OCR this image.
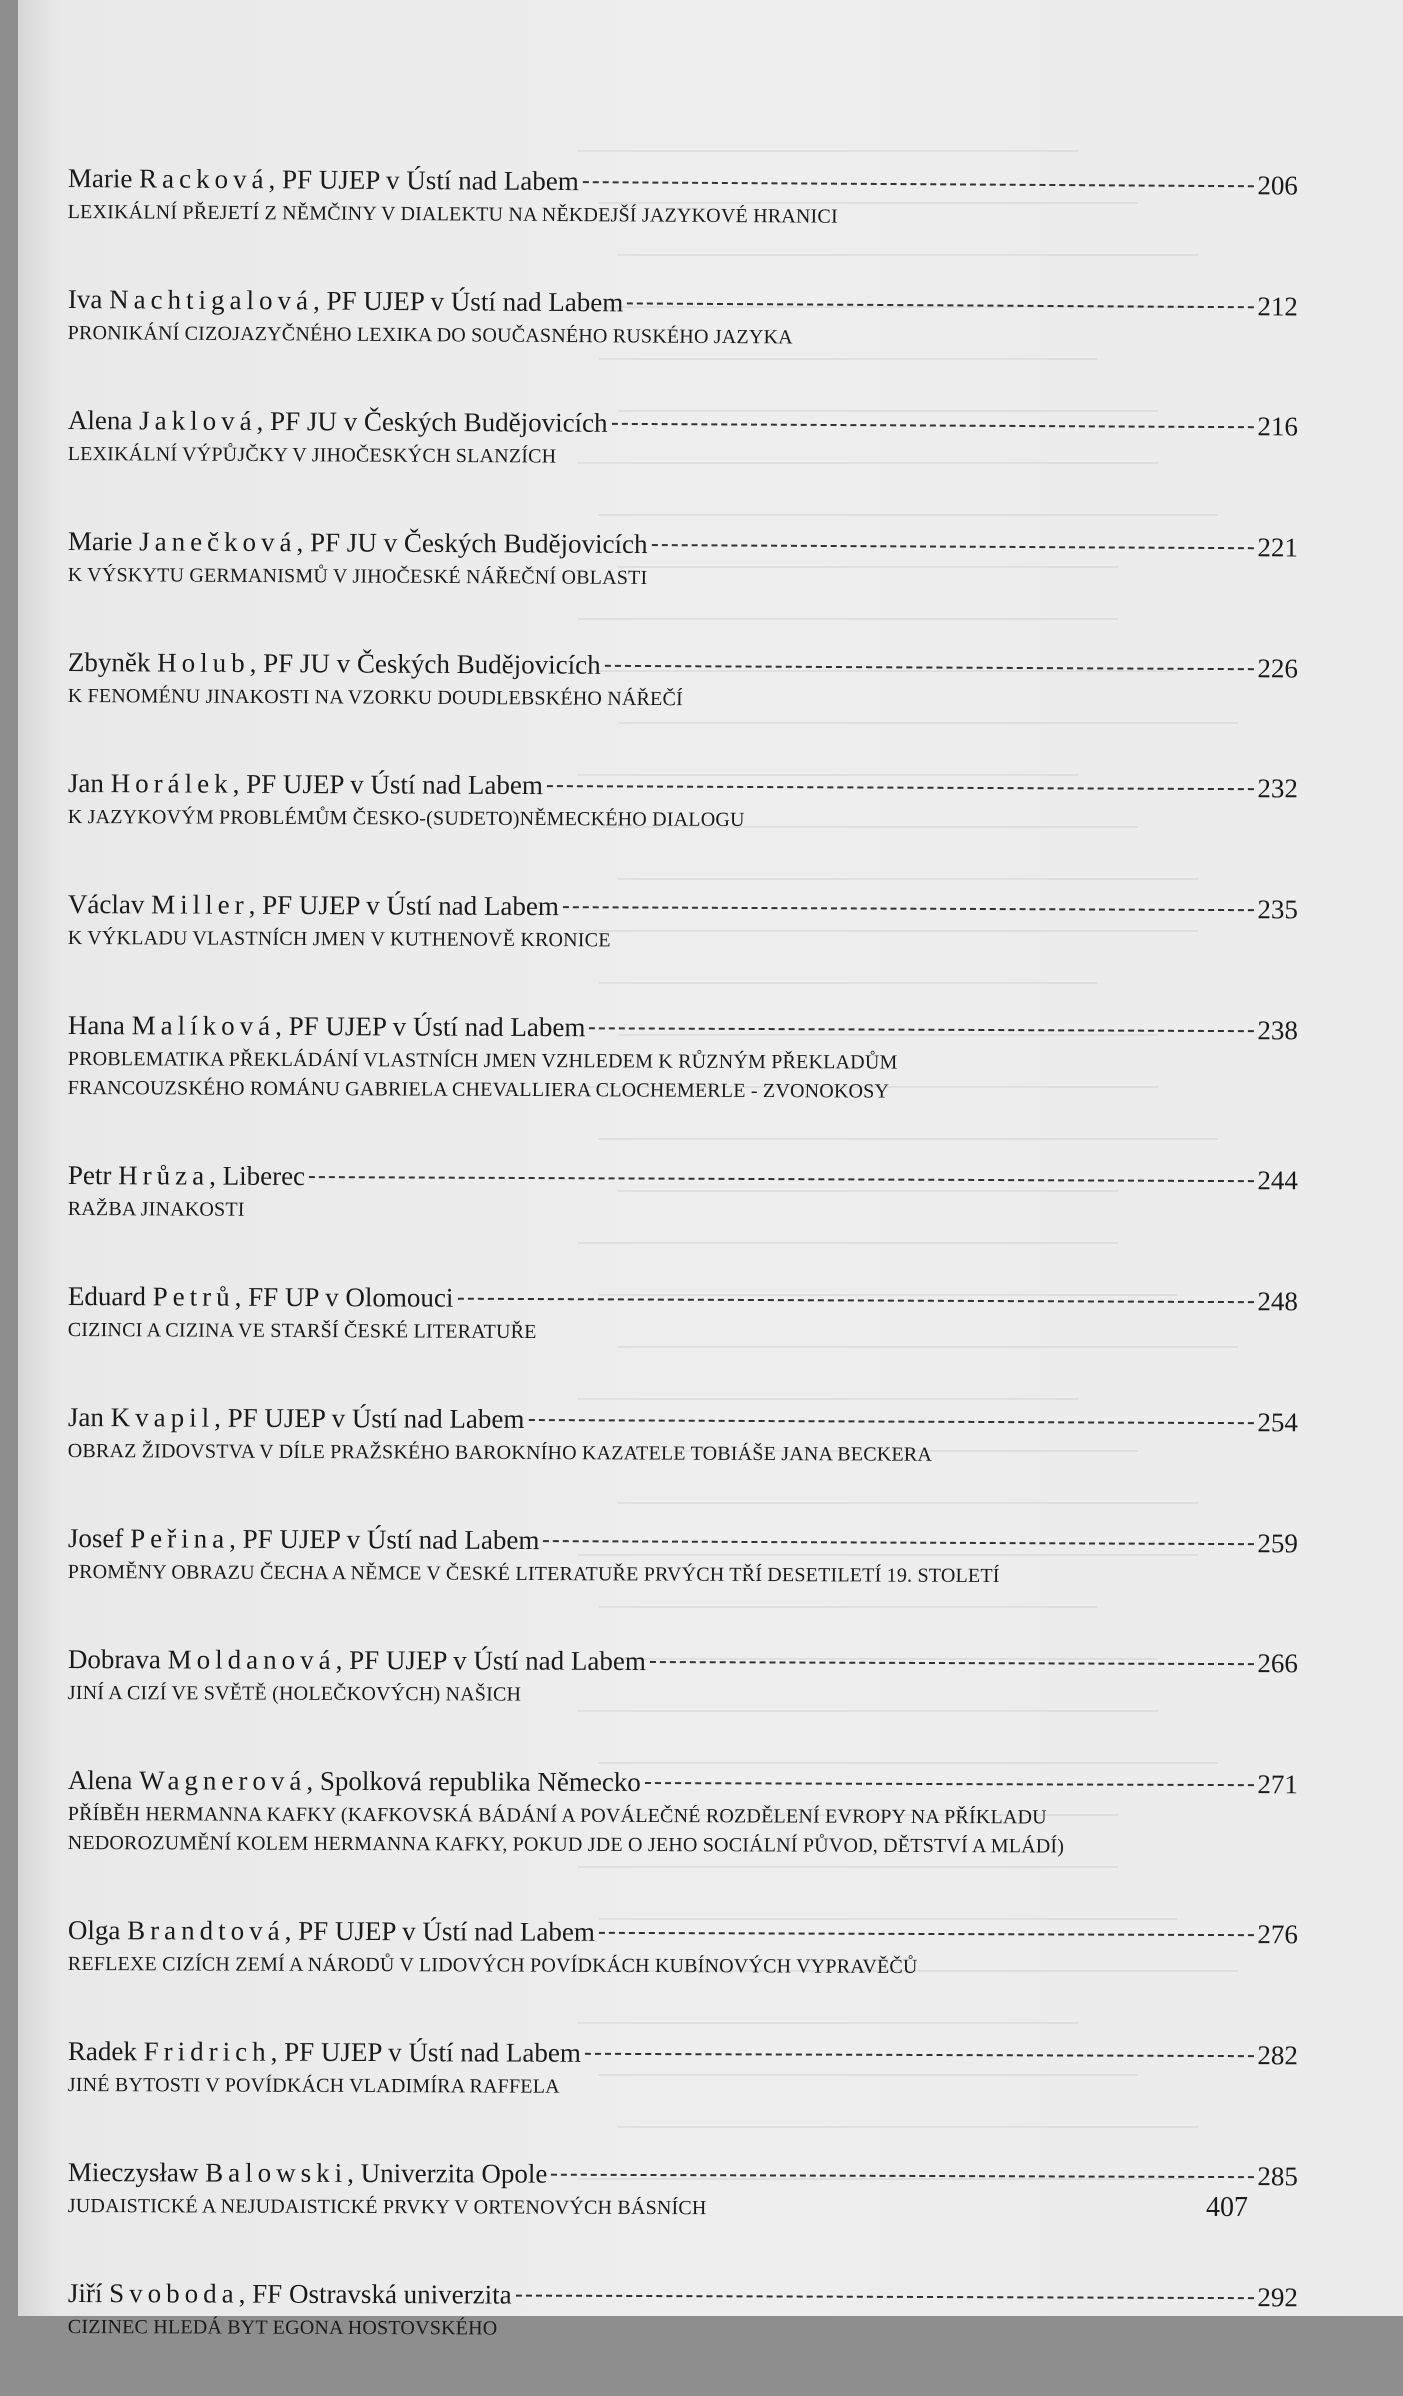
Marie Racková, PF UJEP v Ústí nad Labem	206
LEXIKÁLNÍ PŘEJETÍ Z NĚMČINY V DIALEKTU NA NĚKDEJŠÍ JAZYKOVÉ HRANICI
Iva Nachtigalová, PF UJEP v Ústí nad Labem	212
PRONIKÁNÍ CIZOJAZYČNÉHO LEXIKA DO SOUČASNÉHO RUSKÉHO JAZYKA
Alena Jaklová, PF JU v Českých Budějovicích	216
LEXIKÁLNÍ VÝPŮJČKY V JIHOČESKÝCH SLANZÍCH
Marie Janečková, PF JU v Českých Budějovicích	221
K VÝSKYTU GERMANISMŮ V JIHOČESKÉ NÁŘEČNÍ OBLASTI
Zbyněk Holub, PF JU v Českých Budějovicích	226
K FENOMÉNU JINAKOSTI NA VZORKU DOUDLEBSKÉHO NÁŘEČÍ
Jan Horálek, PF UJEP v Ústí nad Labem	232
K JAZYKOVÝM PROBLÉMŮM ČESKO-(SUDETO)NĚMECKÉHO DIALOGU
Václav Miller, PF UJEP v Ústí nad Labem	235
K VÝKLADU VLASTNÍCH JMEN V KUTHENOVĚ KRONICE
Hana Malíková, PF UJEP v Ústí nad Labem	238
PROBLEMATIKA PŘEKLÁDÁNÍ VLASTNÍCH JMEN VZHLEDEM K RŮZNÝM PŘEKLADŮM FRANCOUZSKÉHO ROMÁNU GABRIELA CHEVALLIERA CLOCHEMERLE - ZVONOKOSY
Petr Hrůza, Liberec	244
RAŽBA JINAKOSTI
Eduard Petrů, FF UP v Olomouci	248
CIZINCI A CIZINA VE STARŠÍ ČESKÉ LITERATUŘE
Jan Kvapil, PF UJEP v Ústí nad Labem	254
OBRAZ ŽIDOVSTVA V DÍLE PRAŽSKÉHO BAROKNÍHO KAZATELE TOBIÁŠE JANA BECKERA
Josef Peřina, PF UJEP v Ústí nad Labem	259
PROMĚNY OBRAZU ČECHA A NĚMCE V ČESKÉ LITERATUŘE PRVÝCH TŘÍ DESETILETÍ 19. STOLETÍ
Dobrava Moldanová, PF UJEP v Ústí nad Labem	266
JINÍ A CIZÍ VE SVĚTĚ (HOLEČKOVÝCH) NAŠICH
Alena Wagnerová, Spolková republika Německo	271
PŘÍBĚH HERMANNA KAFKY (KAFKOVSKÁ BÁDÁNÍ A POVÁLEČNÉ ROZDĚLENÍ EVROPY NA PŘÍKLADU NEDOROZUMĚNÍ KOLEM HERMANNA KAFKY, POKUD JDE O JEHO SOCIÁLNÍ PŮVOD, DĚTSTVÍ A MLÁDÍ)
Olga Brandtová, PF UJEP v Ústí nad Labem	276
REFLEXE CIZÍCH ZEMÍ A NÁRODŮ V LIDOVÝCH POVÍDKÁCH KUBÍNOVÝCH VYPRAVĚČŮ
Radek Fridrich, PF UJEP v Ústí nad Labem	282
JINÉ BYTOSTI V POVÍDKÁCH VLADIMÍRA RAFFELA
Mieczysław Balowski, Univerzita Opole	285
JUDAISTICKÉ A NEJUDAISTICKÉ PRVKY V ORTENOVÝCH BÁSNÍCH
Jiří Svoboda, FF Ostravská univerzita	292
CIZINEC HLEDÁ BYT EGONA HOSTOVSKÉHO
407
